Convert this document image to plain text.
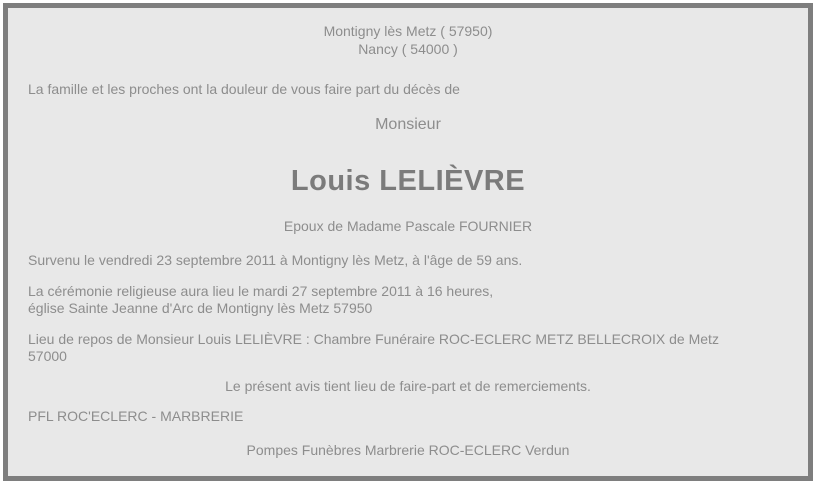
Montigny lès Metz ( 57950)
Nancy ( 54000 )

La famille et les proches ont la douleur de vous faire part du décès de

Monsieur

Louis LELIÈVRE

Epoux de Madame Pascale FOURNIER

Survenu le vendredi 23 septembre 2011 à Montigny lès Metz, à l'âge de 59 ans.

La cérémonie religieuse aura lieu le mardi 27 septembre 2011 à 16 heures,
église Sainte Jeanne d'Arc de Montigny lès Metz 57950

Lieu de repos de Monsieur Louis LELIÈVRE : Chambre Funéraire ROC-ECLERC METZ BELLECROIX de Metz
57000

Le présent avis tient lieu de faire-part et de remerciements.

PFL ROC'ECLERC - MARBRERIE

Pompes Funèbres Marbrerie ROC-ECLERC Verdun
